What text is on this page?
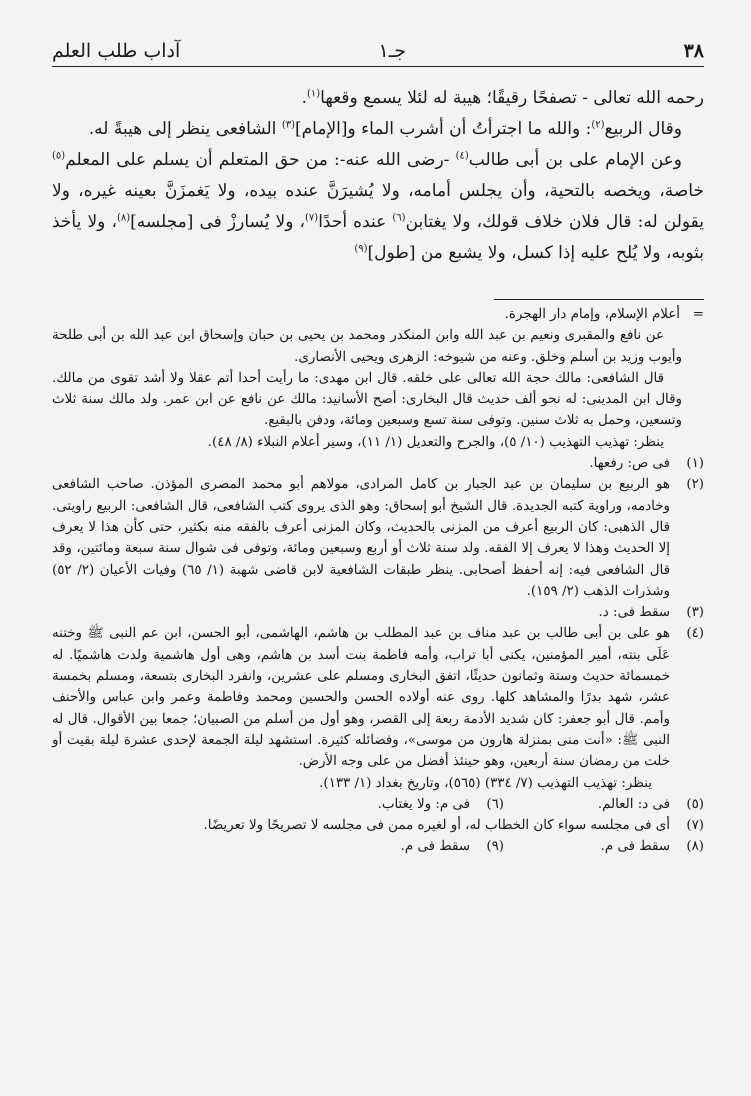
٣٨
جـ١
آداب طلب العلم

رحمه الله تعالى - تصفحًا رقيقًا؛ هيبة له لئلا يسمع وقعها$^{(١)}$.

وقال الربيع$^{(٢)}$: والله ما اجترأتُ أن أشرب الماء و[الإمام]$^{(٣)}$ الشافعى ينظر إلى هيبةً له.

وعن الإمام على بن أبى طالب$^{(٤)}$ -رضى الله عنه-: من حق المتعلم أن يسلم على المعلم$^{(٥)}$ خاصة، ويخصه بالتحية، وأن يجلس أمامه، ولا يُشيرَنَّ عنده بيده، ولا يَغمزَنَّ بعينه غيره، ولا يقولن له: قال فلان خلاف قولك، ولا يغتابن$^{(٦)}$ عنده أحدًا$^{(٧)}$، ولا يُسارزْ فى [مجلسه]$^{(٨)}$، ولا يأخذ بثوبه، ولا يُلح عليه إذا كسل، ولا يشبع من [طول]$^{(٩)}$

=
أعلام الإسلام، وإمام دار الهجرة.

عن نافع والمقبرى ونعيم بن عبد الله وابن المنكدر ومحمد بن يحيى بن حبان وإسحاق ابن عبد الله بن أبى طلحة وأيوب وزيد بن أسلم وخلق. وعنه من شيوخه: الزهرى ويحيى الأنصارى.

قال الشافعى: مالك حجة الله تعالى على خلقه. قال ابن مهدى: ما رأيت أحدا أتم عقلا ولا أشد تقوى من مالك. وقال ابن المدينى: له نحو ألف حديث قال البخارى: أصح الأسانيد: مالك عن نافع عن ابن عمر. ولد مالك سنة ثلاث وتسعين، وحمل به ثلاث سنين. وتوفى سنة تسع وسبعين ومائة، ودفن بالبقيع.

ينظر: تهذيب التهذيب (١٠/ ٥)، والجرح والتعديل (١/ ١١)، وسير أعلام النبلاء (٨/ ٤٨).

(١)
فى ص: رفعها.
(٢)
هو الربيع بن سليمان بن عبد الجبار بن كامل المرادى، مولاهم أبو محمد المصرى المؤذن. صاحب الشافعى وخادمه، وراوية كتبه الجديدة. قال الشيخ أبو إسحاق: وهو الذى يروى كتب الشافعى، قال الشافعى: الربيع راويتى. قال الذهبى: كان الربيع أعرف من المزنى بالحديث، وكان المزنى أعرف بالفقه منه بكثير، حتى كأن هذا لا يعرف إلا الحديث وهذا لا يعرف إلا الفقه. ولد سنة ثلاث أو أربع وسبعين ومائة، وتوفى فى شوال سنة سبعة ومائتين، وقد قال الشافعى فيه: إنه أحفظ أصحابى. ينظر طبقات الشافعية لابن قاضى شهبة (١/ ٦٥) وفيات الأعيان (٢/ ٥٢) وشذرات الذهب (٢/ ١٥٩).
(٣)
سقط فى: د.
(٤)
هو على بن أبى طالب بن عبد مناف بن عبد المطلب بن هاشم، الهاشمى، أبو الحسن، ابن عم النبى ﷺ وختنه عَلَى بنته، أمير المؤمنين، يكنى أبا تراب، وأمه فاطمة بنت أسد بن هاشم، وهى أول هاشمية ولدت هاشميًا. له خمسمائة حديث وستة وثمانون حديثًا، اتفق البخارى ومسلم على عشرين، وانفرد البخارى بتسعة، ومسلم بخمسة عشر، شهد بدرًا والمشاهد كلها. روى عنه أولاده الحسن والحسين ومحمد وفاطمة وعمر وابن عباس والأحنف وأمم. قال أبو جعفر: كان شديد الأدمة ربعة إلى القصر، وهو أول من أسلم من الصبيان؛ جمعا بين الأقوال. قال له النبى ﷺ: «أنت منى بمنزلة هارون من موسى»، وفضائله كثيرة. استشهد ليلة الجمعة لإحدى عشرة ليلة بقيت أو خلت من رمضان سنة أربعين، وهو حينئذ أفضل من على وجه الأرض.
ينظر: تهذيب التهذيب (٧/ ٣٣٤) (٥٦٥)، وتاريخ بغداد (١/ ١٣٣).
(٥)
فى د: العالم.
(٦)
فى م: ولا يغتاب.
(٧)
أى فى مجلسه سواء كان الخطاب له، أو لغيره ممن فى مجلسه لا تصريحًا ولا تعريضًا.
(٨)
سقط فى م.
(٩)
سقط فى م.
